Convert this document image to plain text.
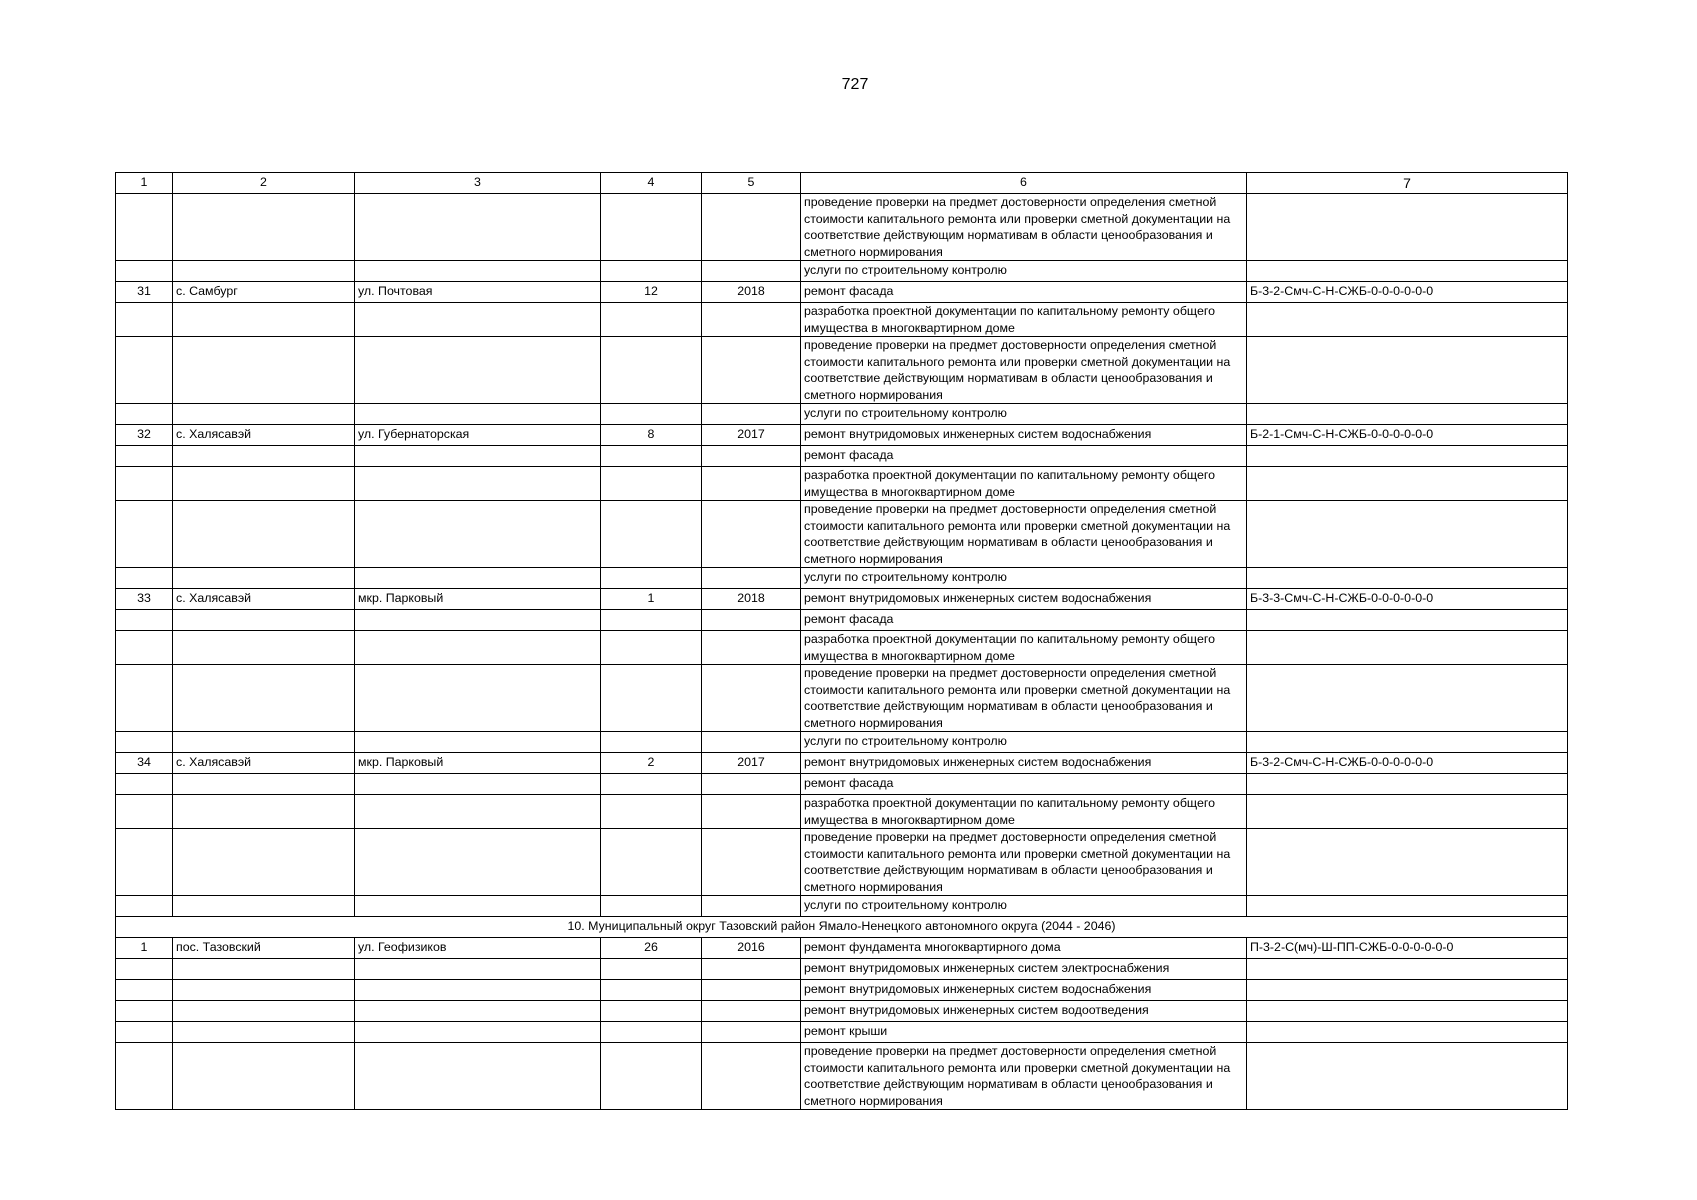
727
1	2	3	4	5	6	7
					проведение проверки на предмет достоверности определения сметной стоимости капитального ремонта или проверки сметной документации на соответствие действующим нормативам в области ценообразования и сметного нормирования	
					услуги по строительному контролю	
31	с. Самбург	ул. Почтовая	12	2018	ремонт фасада	Б-3-2-Смч-С-Н-СЖБ-0-0-0-0-0-0
					разработка проектной документации по капитальному ремонту общего имущества в многоквартирном доме	
					проведение проверки на предмет достоверности определения сметной стоимости капитального ремонта или проверки сметной документации на соответствие действующим нормативам в области ценообразования и сметного нормирования	
					услуги по строительному контролю	
32	с. Халясавэй	ул. Губернаторская	8	2017	ремонт внутридомовых инженерных систем водоснабжения	Б-2-1-Смч-С-Н-СЖБ-0-0-0-0-0-0
					ремонт фасада	
					разработка проектной документации по капитальному ремонту общего имущества в многоквартирном доме	
					проведение проверки на предмет достоверности определения сметной стоимости капитального ремонта или проверки сметной документации на соответствие действующим нормативам в области ценообразования и сметного нормирования	
					услуги по строительному контролю	
33	с. Халясавэй	мкр. Парковый	1	2018	ремонт внутридомовых инженерных систем водоснабжения	Б-3-3-Смч-С-Н-СЖБ-0-0-0-0-0-0
					ремонт фасада	
					разработка проектной документации по капитальному ремонту общего имущества в многоквартирном доме	
					проведение проверки на предмет достоверности определения сметной стоимости капитального ремонта или проверки сметной документации на соответствие действующим нормативам в области ценообразования и сметного нормирования	
					услуги по строительному контролю	
34	с. Халясавэй	мкр. Парковый	2	2017	ремонт внутридомовых инженерных систем водоснабжения	Б-3-2-Смч-С-Н-СЖБ-0-0-0-0-0-0
					ремонт фасада	
					разработка проектной документации по капитальному ремонту общего имущества в многоквартирном доме	
					проведение проверки на предмет достоверности определения сметной стоимости капитального ремонта или проверки сметной документации на соответствие действующим нормативам в области ценообразования и сметного нормирования	
					услуги по строительному контролю	
10. Муниципальный округ Тазовский район Ямало-Ненецкого автономного округа (2044 - 2046)						
1	пос. Тазовский	ул. Геофизиков	26	2016	ремонт фундамента многоквартирного дома	П-3-2-С(мч)-Ш-ПП-СЖБ-0-0-0-0-0-0
					ремонт внутридомовых инженерных систем электроснабжения	
					ремонт внутридомовых инженерных систем водоснабжения	
					ремонт внутридомовых инженерных систем водоотведения	
					ремонт крыши	
					проведение проверки на предмет достоверности определения сметной стоимости капитального ремонта или проверки сметной документации на соответствие действующим нормативам в области ценообразования и сметного нормирования	
